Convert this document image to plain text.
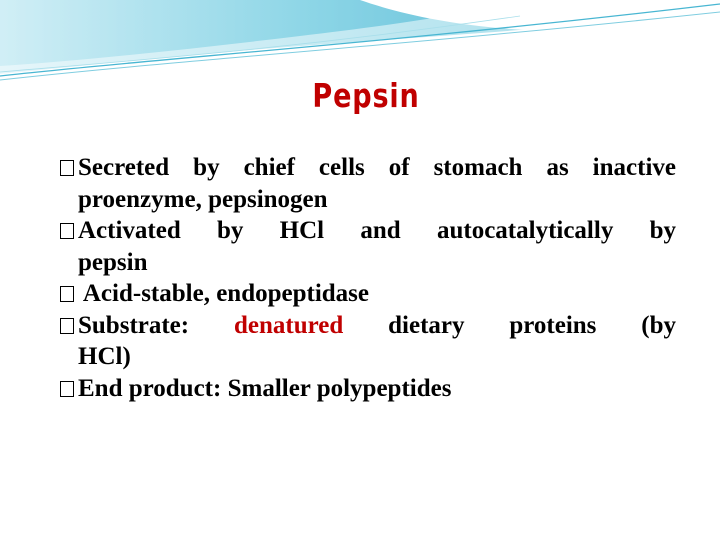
Pepsin
Secreted by chief cells of stomach as inactive
proenzyme, pepsinogen
Activated by HCl and autocatalytically by
pepsin
Acid-stable, endopeptidase
Substrate: denatured dietary proteins (by
HCl)
End product: Smaller polypeptides
